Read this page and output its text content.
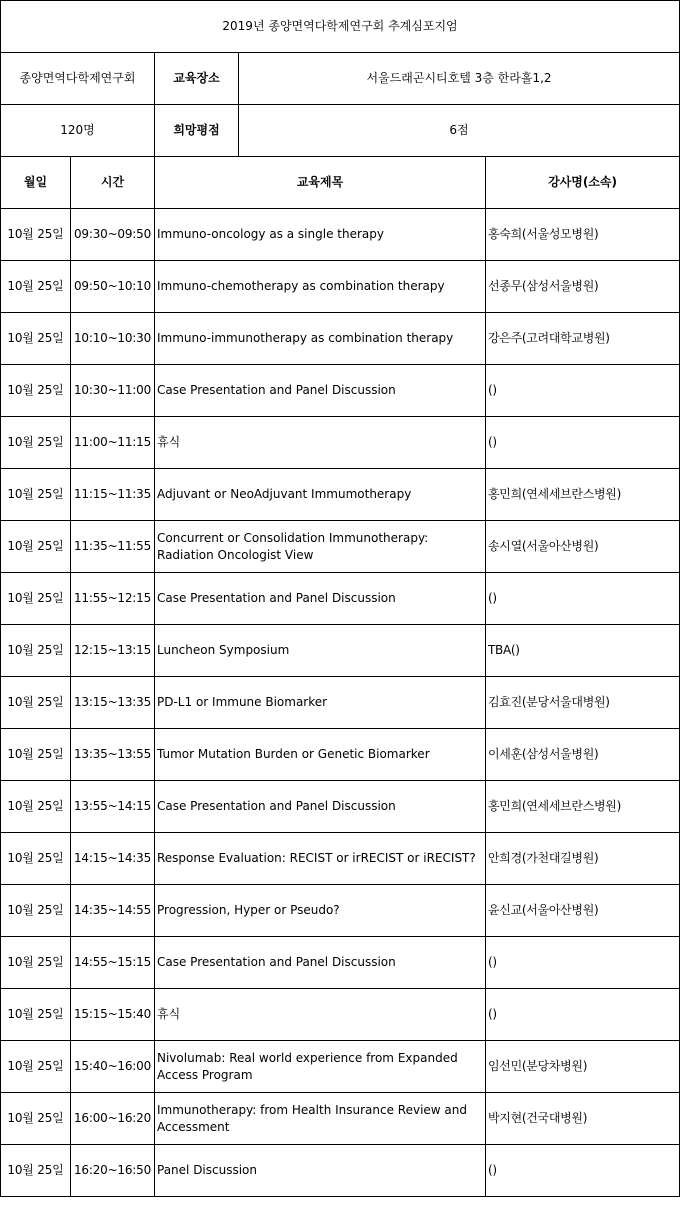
2019년 종양면역다학제연구회 추계심포지엄				
종양면역다학제연구회		교육장소	서울드래곤시티호텔 3층 한라홀1,2	
120명		희망평점	6점	
월일	시간	교육제목		강사명(소속)
10월 25일	09:30~09:50	Immuno-oncology as a single therapy		홍숙희(서울성모병원)
10월 25일	09:50~10:10	Immuno-chemotherapy as combination therapy		선종무(삼성서울병원)
10월 25일	10:10~10:30	Immuno-immunotherapy as combination therapy		강은주(고려대학교병원)
10월 25일	10:30~11:00	Case Presentation and Panel Discussion		()
10월 25일	11:00~11:15	휴식		()
10월 25일	11:15~11:35	Adjuvant or NeoAdjuvant Immumotherapy		홍민희(연세세브란스병원)
10월 25일	11:35~11:55	Concurrent or Consolidation Immunotherapy: Radiation Oncologist View		송시열(서울아산병원)
10월 25일	11:55~12:15	Case Presentation and Panel Discussion		()
10월 25일	12:15~13:15	Luncheon Symposium		TBA()
10월 25일	13:15~13:35	PD-L1 or Immune Biomarker		김효진(분당서울대병원)
10월 25일	13:35~13:55	Tumor Mutation Burden or Genetic Biomarker		이세훈(삼성서울병원)
10월 25일	13:55~14:15	Case Presentation and Panel Discussion		홍민희(연세세브란스병원)
10월 25일	14:15~14:35	Response Evaluation: RECIST or irRECIST or iRECIST?		안희경(가천대길병원)
10월 25일	14:35~14:55	Progression, Hyper or Pseudo?		윤신교(서울아산병원)
10월 25일	14:55~15:15	Case Presentation and Panel Discussion		()
10월 25일	15:15~15:40	휴식		()
10월 25일	15:40~16:00	Nivolumab: Real world experience from Expanded Access Program		임선민(분당차병원)
10월 25일	16:00~16:20	Immunotherapy: from Health Insurance Review and Accessment		박지현(건국대병원)
10월 25일	16:20~16:50	Panel Discussion		()
